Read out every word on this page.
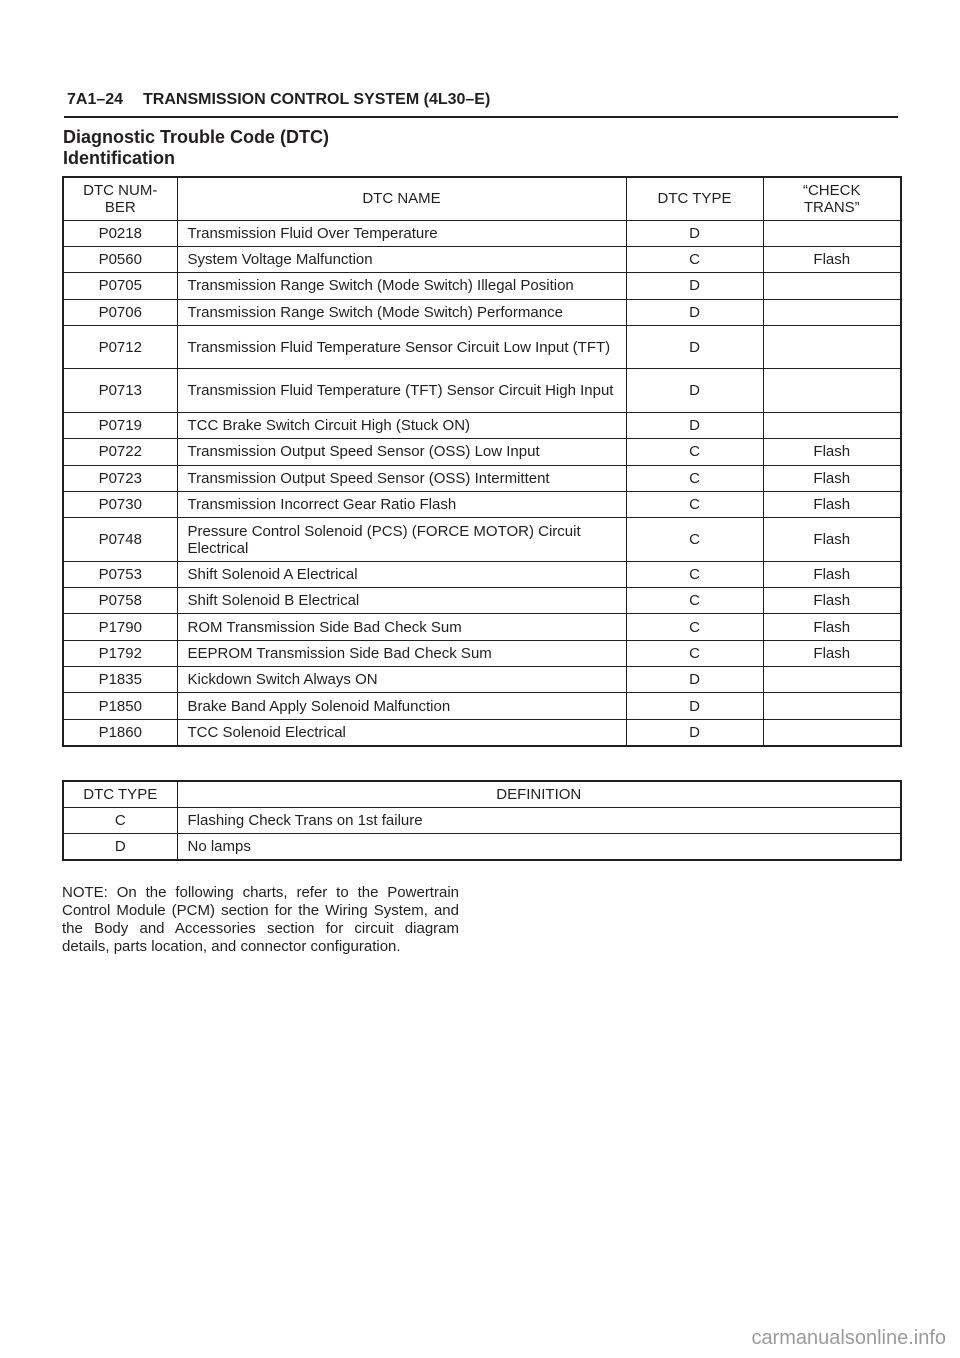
7A1–24 TRANSMISSION CONTROL SYSTEM (4L30–E)
Diagnostic Trouble Code (DTC) Identification
DTC NUM- BER	DTC NAME	DTC TYPE	“CHECK TRANS”
P0218	Transmission Fluid Over Temperature	D	
P0560	System Voltage Malfunction	C	Flash
P0705	Transmission Range Switch (Mode Switch) Illegal Position	D	
P0706	Transmission Range Switch (Mode Switch) Performance	D	
P0712	Transmission Fluid Temperature Sensor Circuit Low Input (TFT)	D	
P0713	Transmission Fluid Temperature (TFT) Sensor Circuit High Input	D	
P0719	TCC Brake Switch Circuit High (Stuck ON)	D	
P0722	Transmission Output Speed Sensor (OSS) Low Input	C	Flash
P0723	Transmission Output Speed Sensor (OSS) Intermittent	C	Flash
P0730	Transmission Incorrect Gear Ratio Flash	C	Flash
P0748	Pressure Control Solenoid (PCS) (FORCE MOTOR) Circuit Electrical	C	Flash
P0753	Shift Solenoid A Electrical	C	Flash
P0758	Shift Solenoid B Electrical	C	Flash
P1790	ROM Transmission Side Bad Check Sum	C	Flash
P1792	EEPROM Transmission Side Bad Check Sum	C	Flash
P1835	Kickdown Switch Always ON	D	
P1850	Brake Band Apply Solenoid Malfunction	D	
P1860	TCC Solenoid Electrical	D	
DTC TYPE	DEFINITION
C	Flashing Check Trans on 1st failure
D	No lamps
NOTE: On the following charts, refer to the Powertrain Control Module (PCM) section for the Wiring System, and the Body and Accessories section for circuit diagram details, parts location, and connector configuration.
carmanualsonline.info
